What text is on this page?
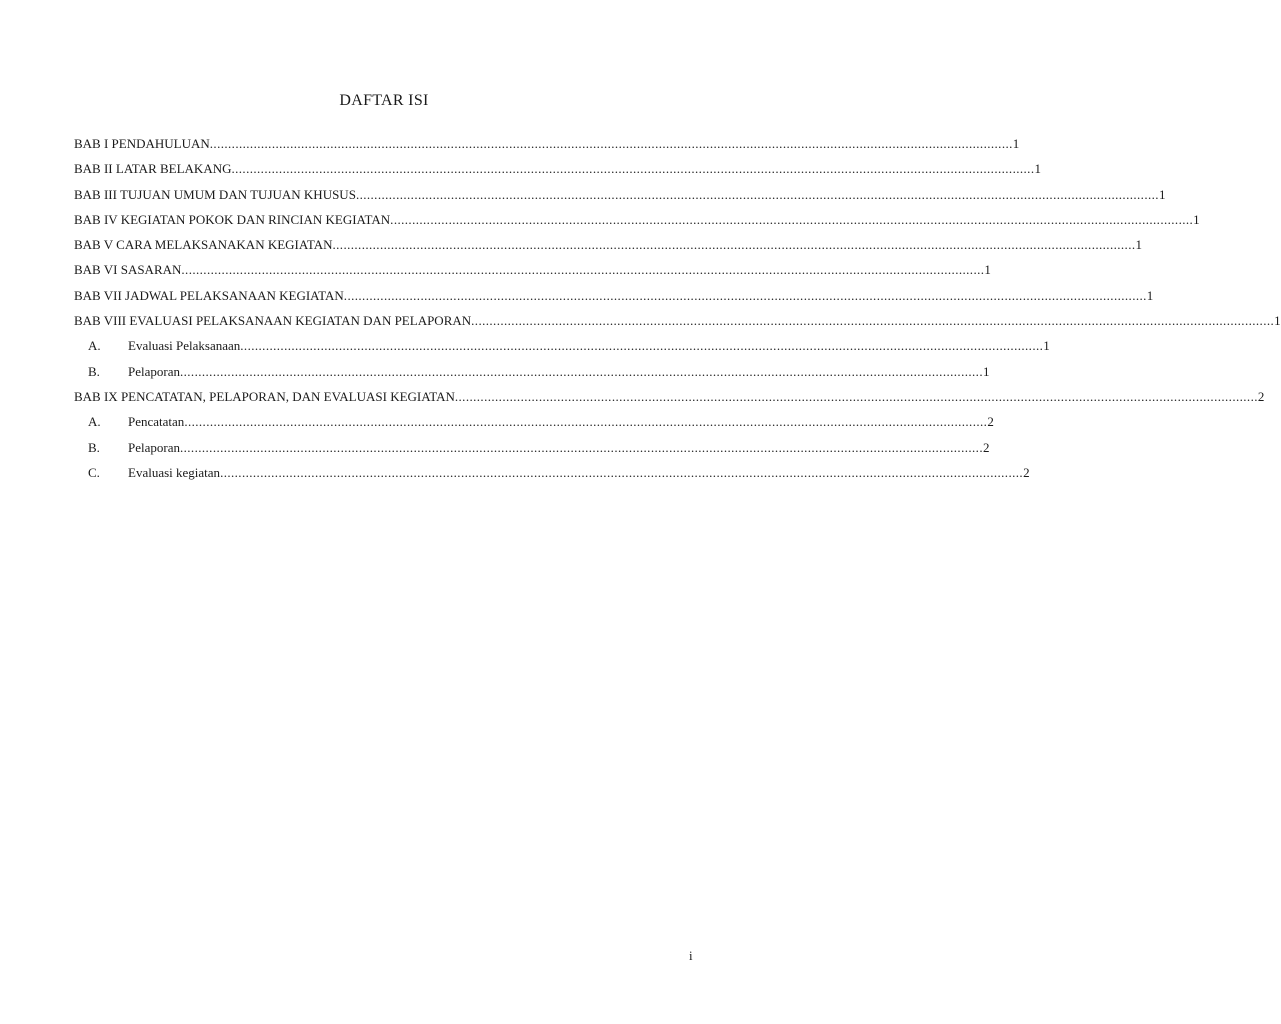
DAFTAR ISI
BAB I PENDAHULUAN ............................................................................................................................................................................................................................ 1
BAB II LATAR BELAKANG ............................................................................................................................................................................................................................ 1
BAB III TUJUAN UMUM DAN TUJUAN KHUSUS ............................................................................................................................................................................................................................ 1
BAB IV KEGIATAN POKOK DAN RINCIAN KEGIATAN ............................................................................................................................................................................................................................ 1
BAB V CARA MELAKSANAKAN KEGIATAN ............................................................................................................................................................................................................................ 1
BAB VI SASARAN ............................................................................................................................................................................................................................ 1
BAB VII JADWAL PELAKSANAAN KEGIATAN ............................................................................................................................................................................................................................ 1
BAB VIII EVALUASI PELAKSANAAN KEGIATAN DAN PELAPORAN ............................................................................................................................................................................................................................ 1
A.	Evaluasi Pelaksanaan ............................................................................................................................................................................................................................ 1
B.	Pelaporan ............................................................................................................................................................................................................................ 1
BAB IX PENCATATAN, PELAPORAN, DAN EVALUASI KEGIATAN ............................................................................................................................................................................................................................ 2
A.	Pencatatan ............................................................................................................................................................................................................................ 2
B.	Pelaporan ............................................................................................................................................................................................................................ 2
C.	Evaluasi kegiatan ............................................................................................................................................................................................................................ 2
i
